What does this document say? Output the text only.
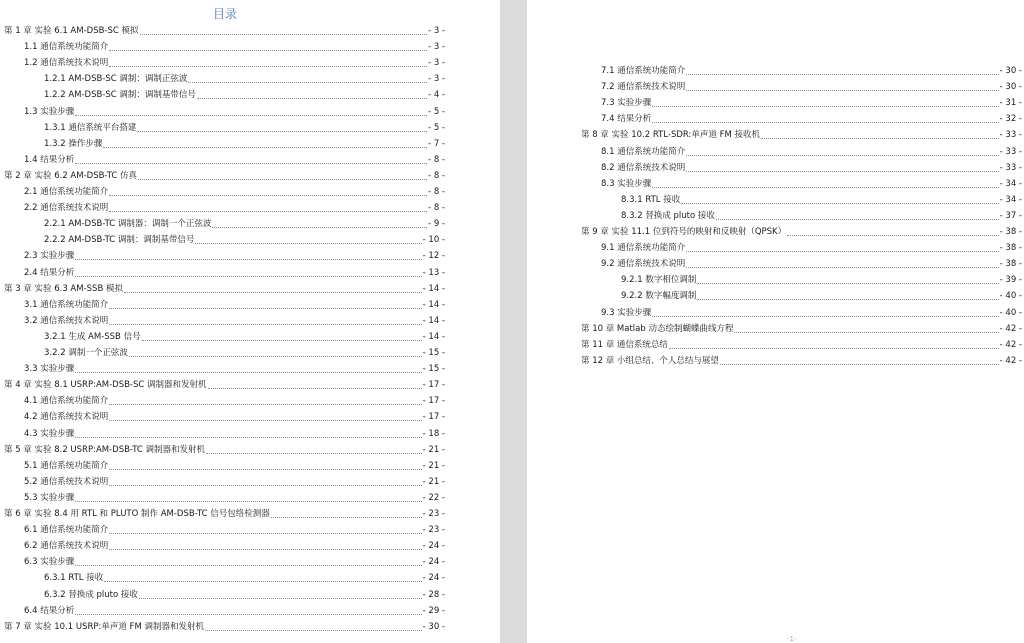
目录
第 1 章 实验 6.1 AM-DSB-SC 模拟	- 3 -
1.1 通信系统功能简介	- 3 -
1.2 通信系统技术说明	- 3 -
1.2.1 AM-DSB-SC 调制：调制正弦波	- 3 -
1.2.2 AM-DSB-SC 调制：调制基带信号	- 4 -
1.3 实验步骤	- 5 -
1.3.1 通信系统平台搭建	- 5 -
1.3.2 操作步骤	- 7 -
1.4 结果分析	- 8 -
第 2 章 实验 6.2 AM-DSB-TC 仿真	- 8 -
2.1 通信系统功能简介	- 8 -
2.2 通信系统技术说明	- 8 -
2.2.1 AM-DSB-TC 调制器：调制一个正弦波	- 9 -
2.2.2 AM-DSB-TC 调制：调制基带信号	- 10 -
2.3 实验步骤	- 12 -
2.4 结果分析	- 13 -
第 3 章 实验 6.3 AM-SSB 模拟	- 14 -
3.1 通信系统功能简介	- 14 -
3.2 通信系统技术说明	- 14 -
3.2.1 生成 AM-SSB 信号	- 14 -
3.2.2 调制一个正弦波	- 15 -
3.3 实验步骤	- 15 -
第 4 章 实验 8.1 USRP:AM-DSB-SC 调制器和发射机	- 17 -
4.1 通信系统功能简介	- 17 -
4.2 通信系统技术说明	- 17 -
4.3 实验步骤	- 18 -
第 5 章 实验 8.2 USRP:AM-DSB-TC 调制器和发射机	- 21 -
5.1 通信系统功能简介	- 21 -
5.2 通信系统技术说明	- 21 -
5.3 实验步骤	- 22 -
第 6 章 实验 8.4 用 RTL 和 PLUTO 制作 AM-DSB-TC 信号包络检测器	- 23 -
6.1 通信系统功能简介	- 23 -
6.2 通信系统技术说明	- 24 -
6.3 实验步骤	- 24 -
6.3.1 RTL 接收	- 24 -
6.3.2 替换成 pluto 接收	- 28 -
6.4 结果分析	- 29 -
第 7 章 实验 10.1 USRP:单声道 FM 调制器和发射机	- 30 -
7.1 通信系统功能简介	- 30 -
7.2 通信系统技术说明	- 30 -
7.3 实验步骤	- 31 -
7.4 结果分析	- 32 -
第 8 章 实验 10.2 RTL-SDR:单声道 FM 接收机	- 33 -
8.1 通信系统功能简介	- 33 -
8.2 通信系统技术说明	- 33 -
8.3 实验步骤	- 34 -
8.3.1 RTL 接收	- 34 -
8.3.2 替换成 pluto 接收	- 37 -
第 9 章 实验 11.1 位到符号的映射和反映射（QPSK）	- 38 -
9.1 通信系统功能简介	- 38 -
9.2 通信系统技术说明	- 38 -
9.2.1 数字相位调制	- 39 -
9.2.2 数字幅度调制	- 40 -
9.3 实验步骤	- 40 -
第 10 章 Matlab 动态绘制蝴蝶曲线方程	- 42 -
第 11 章 通信系统总结	- 42 -
第 12 章 小组总结、个人总结与展望	- 42 -
-1-
